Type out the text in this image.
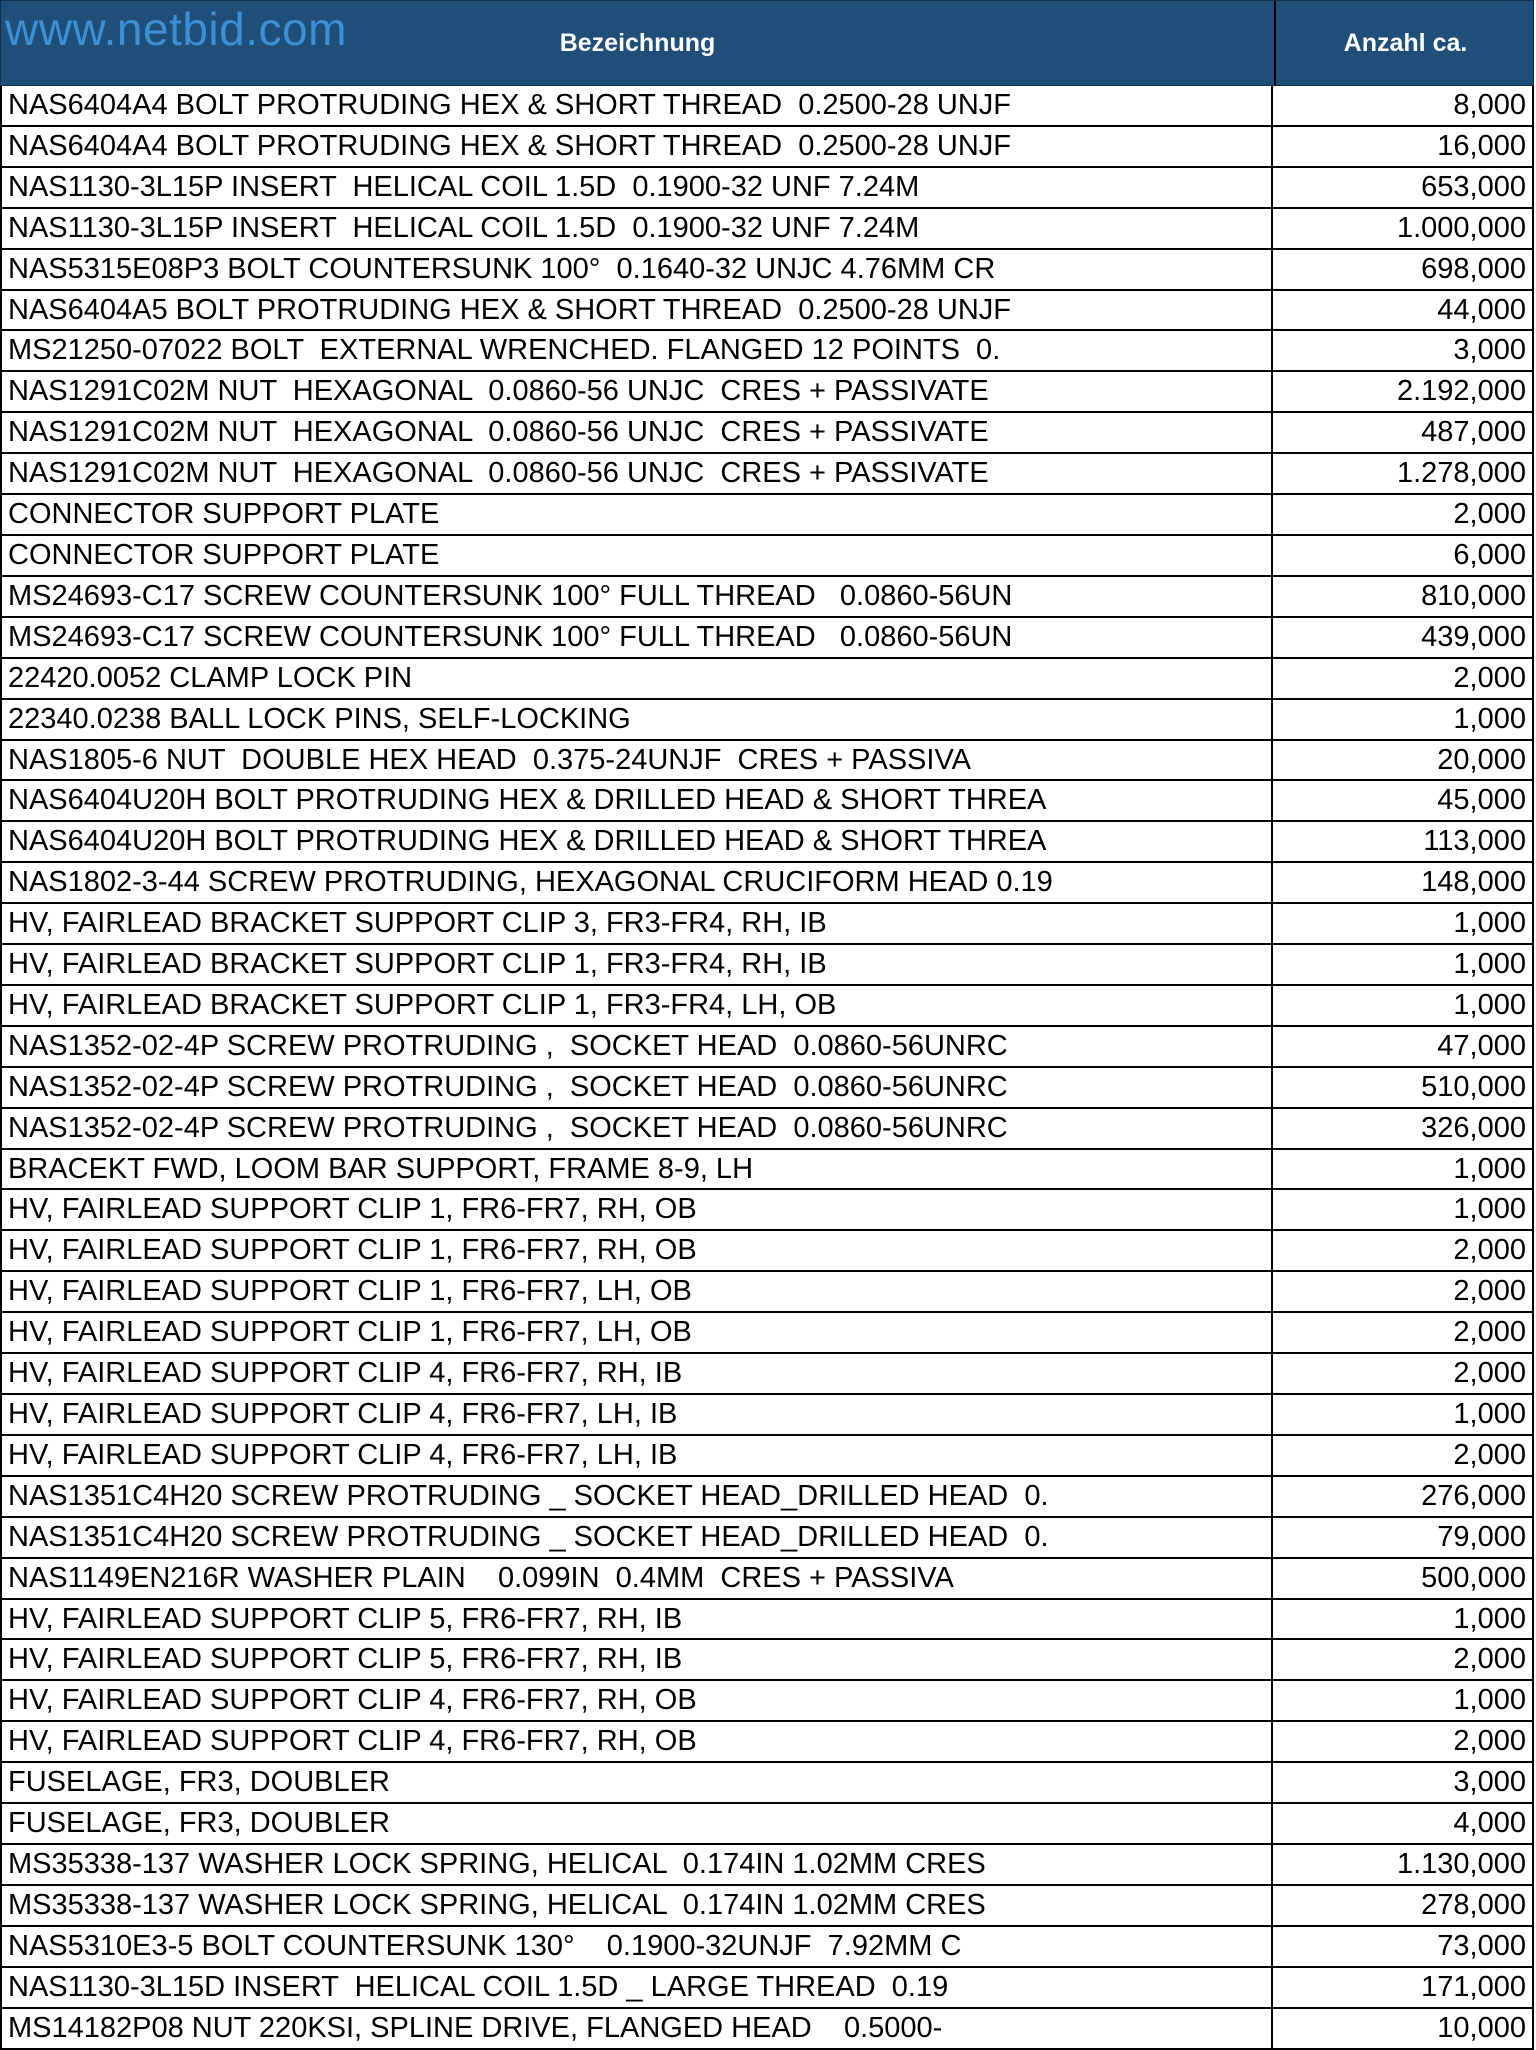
Bezeichnung	Anzahl ca.
www.netbid.com
NAS6404A4 BOLT PROTRUDING HEX & SHORT THREAD  0.2500-28 UNJF	8,000
NAS6404A4 BOLT PROTRUDING HEX & SHORT THREAD  0.2500-28 UNJF	16,000
NAS1130-3L15P INSERT  HELICAL COIL 1.5D  0.1900-32 UNF 7.24M	653,000
NAS1130-3L15P INSERT  HELICAL COIL 1.5D  0.1900-32 UNF 7.24M	1.000,000
NAS5315E08P3 BOLT COUNTERSUNK 100°  0.1640-32 UNJC 4.76MM CR	698,000
NAS6404A5 BOLT PROTRUDING HEX & SHORT THREAD  0.2500-28 UNJF	44,000
MS21250-07022 BOLT  EXTERNAL WRENCHED. FLANGED 12 POINTS  0.	3,000
NAS1291C02M NUT  HEXAGONAL  0.0860-56 UNJC  CRES + PASSIVATE	2.192,000
NAS1291C02M NUT  HEXAGONAL  0.0860-56 UNJC  CRES + PASSIVATE	487,000
NAS1291C02M NUT  HEXAGONAL  0.0860-56 UNJC  CRES + PASSIVATE	1.278,000
CONNECTOR SUPPORT PLATE	2,000
CONNECTOR SUPPORT PLATE	6,000
MS24693-C17 SCREW COUNTERSUNK 100° FULL THREAD   0.0860-56UN	810,000
MS24693-C17 SCREW COUNTERSUNK 100° FULL THREAD   0.0860-56UN	439,000
22420.0052 CLAMP LOCK PIN	2,000
22340.0238 BALL LOCK PINS, SELF-LOCKING	1,000
NAS1805-6 NUT  DOUBLE HEX HEAD  0.375-24UNJF  CRES + PASSIVA	20,000
NAS6404U20H BOLT PROTRUDING HEX & DRILLED HEAD & SHORT THREA	45,000
NAS6404U20H BOLT PROTRUDING HEX & DRILLED HEAD & SHORT THREA	113,000
NAS1802-3-44 SCREW PROTRUDING, HEXAGONAL CRUCIFORM HEAD 0.19	148,000
HV, FAIRLEAD BRACKET SUPPORT CLIP 3, FR3-FR4, RH, IB	1,000
HV, FAIRLEAD BRACKET SUPPORT CLIP 1, FR3-FR4, RH, IB	1,000
HV, FAIRLEAD BRACKET SUPPORT CLIP 1, FR3-FR4, LH, OB	1,000
NAS1352-02-4P SCREW PROTRUDING ,  SOCKET HEAD  0.0860-56UNRC	47,000
NAS1352-02-4P SCREW PROTRUDING ,  SOCKET HEAD  0.0860-56UNRC	510,000
NAS1352-02-4P SCREW PROTRUDING ,  SOCKET HEAD  0.0860-56UNRC	326,000
BRACEKT FWD, LOOM BAR SUPPORT, FRAME 8-9, LH	1,000
HV, FAIRLEAD SUPPORT CLIP 1, FR6-FR7, RH, OB	1,000
HV, FAIRLEAD SUPPORT CLIP 1, FR6-FR7, RH, OB	2,000
HV, FAIRLEAD SUPPORT CLIP 1, FR6-FR7, LH, OB	2,000
HV, FAIRLEAD SUPPORT CLIP 1, FR6-FR7, LH, OB	2,000
HV, FAIRLEAD SUPPORT CLIP 4, FR6-FR7, RH, IB	2,000
HV, FAIRLEAD SUPPORT CLIP 4, FR6-FR7, LH, IB	1,000
HV, FAIRLEAD SUPPORT CLIP 4, FR6-FR7, LH, IB	2,000
NAS1351C4H20 SCREW PROTRUDING _ SOCKET HEAD_DRILLED HEAD  0.	276,000
NAS1351C4H20 SCREW PROTRUDING _ SOCKET HEAD_DRILLED HEAD  0.	79,000
NAS1149EN216R WASHER PLAIN    0.099IN  0.4MM  CRES + PASSIVA	500,000
HV, FAIRLEAD SUPPORT CLIP 5, FR6-FR7, RH, IB	1,000
HV, FAIRLEAD SUPPORT CLIP 5, FR6-FR7, RH, IB	2,000
HV, FAIRLEAD SUPPORT CLIP 4, FR6-FR7, RH, OB	1,000
HV, FAIRLEAD SUPPORT CLIP 4, FR6-FR7, RH, OB	2,000
FUSELAGE, FR3, DOUBLER	3,000
FUSELAGE, FR3, DOUBLER	4,000
MS35338-137 WASHER LOCK SPRING, HELICAL  0.174IN 1.02MM CRES	1.130,000
MS35338-137 WASHER LOCK SPRING, HELICAL  0.174IN 1.02MM CRES	278,000
NAS5310E3-5 BOLT COUNTERSUNK 130°    0.1900-32UNJF  7.92MM C	73,000
NAS1130-3L15D INSERT  HELICAL COIL 1.5D _ LARGE THREAD  0.19	171,000
MS14182P08 NUT 220KSI, SPLINE DRIVE, FLANGED HEAD    0.5000-	10,000
